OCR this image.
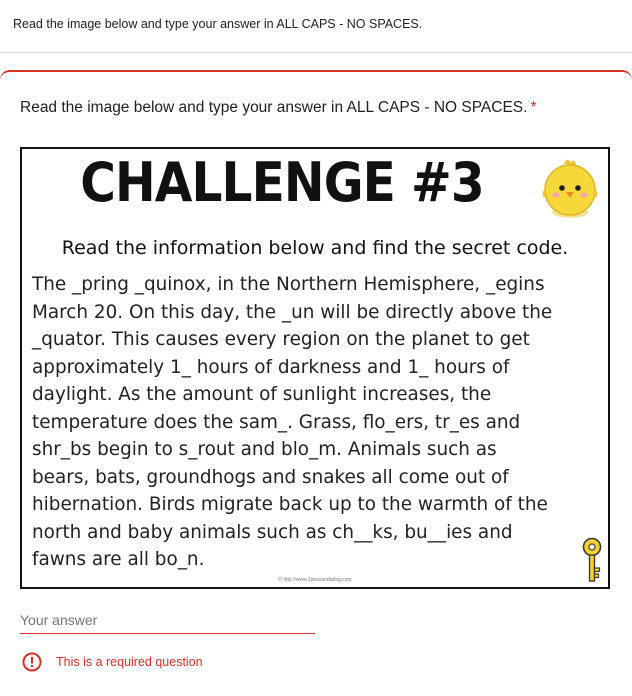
Read the image below and type your answer in ALL CAPS - NO SPACES.
Read the image below and type your answer in ALL CAPS - NO SPACES. *
CHALLENGE #3
Read the information below and find the secret code.
The _pring _quinox, in the Northern Hemisphere, _egins
March 20. On this day, the _un will be directly above the
_quator. This causes every region on the planet to get
approximately 1_ hours of darkness and 1_ hours of
daylight. As the amount of sunlight increases, the
temperature does the sam_. Grass, flo_ers, tr_es and
shr_bs begin to s_rout and blo_m. Animals such as
bears, bats, groundhogs and snakes all come out of
hibernation. Birds migrate back up to the warmth of the
north and baby animals such as ch__ks, bu__ies and
fawns are all bo_n.
© http://www.2peasandadog.com
Your answer
This is a required question
